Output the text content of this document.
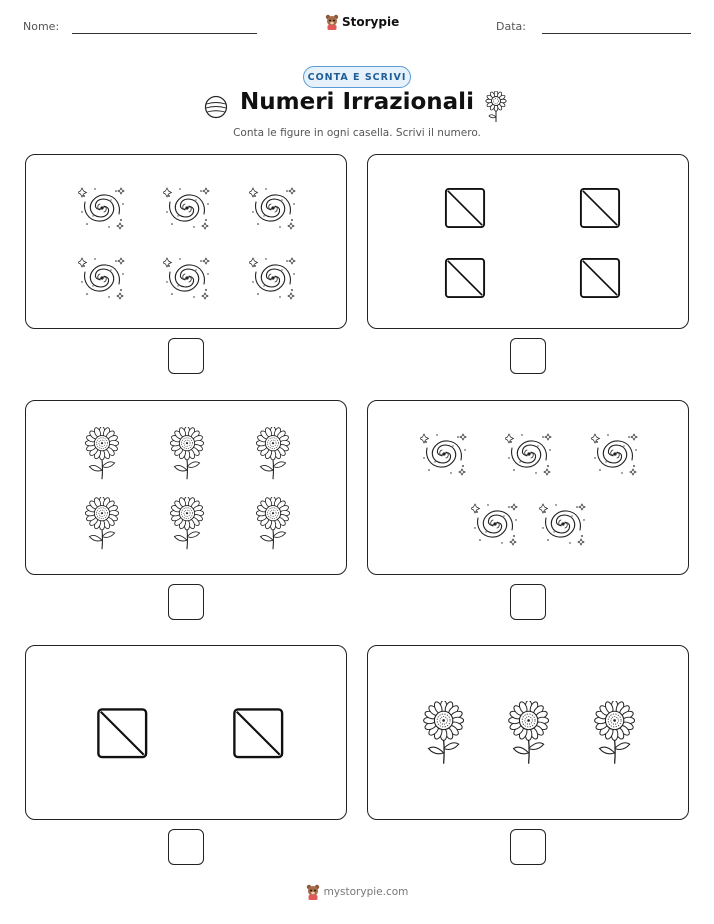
Nome:	Storypie	Data:
CONTA E SCRIVI
Numeri Irrazionali
Conta le figure in ogni casella. Scrivi il numero.
mystorypie.com
